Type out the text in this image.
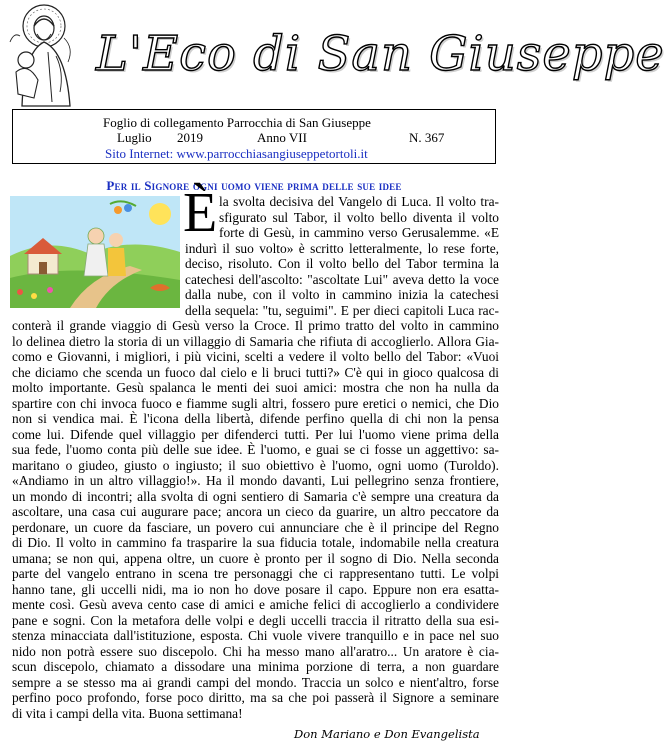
L'Eco di San Giuseppe
Foglio di collegamento Parrocchia di San Giuseppe
Luglio 2019	Anno VII	N. 367
Sito Internet: www.parrocchiasangiuseppetortoli.it
Per il Signore ogni uomo viene prima delle sue idee
È la svolta decisiva del Vangelo di Luca. Il volto tra-
sfigurato sul Tabor, il volto bello diventa il volto
forte di Gesù, in cammino verso Gerusalemme. «E
indurì il suo volto» è scritto letteralmente, lo rese forte,
deciso, risoluto. Con il volto bello del Tabor termina la
catechesi dell'ascolto: "ascoltate Lui" aveva detto la voce
dalla nube, con il volto in cammino inizia la catechesi
della sequela: "tu, seguimi". E per dieci capitoli Luca rac-
conterà il grande viaggio di Gesù verso la Croce. Il primo tratto del volto in cammino
lo delinea dietro la storia di un villaggio di Samaria che rifiuta di accoglierlo. Allora Gia-
como e Giovanni, i migliori, i più vicini, scelti a vedere il volto bello del Tabor: «Vuoi
che diciamo che scenda un fuoco dal cielo e li bruci tutti?» C'è qui in gioco qualcosa di
molto importante. Gesù spalanca le menti dei suoi amici: mostra che non ha nulla da
spartire con chi invoca fuoco e fiamme sugli altri, fossero pure eretici o nemici, che Dio
non si vendica mai. È l'icona della libertà, difende perfino quella di chi non la pensa
come lui. Difende quel villaggio per difenderci tutti. Per lui l'uomo viene prima della
sua fede, l'uomo conta più delle sue idee. È l'uomo, e guai se ci fosse un aggettivo: sa-
maritano o giudeo, giusto o ingiusto; il suo obiettivo è l'uomo, ogni uomo (Turoldo).
«Andiamo in un altro villaggio!». Ha il mondo davanti, Lui pellegrino senza frontiere,
un mondo di incontri; alla svolta di ogni sentiero di Samaria c'è sempre una creatura da
ascoltare, una casa cui augurare pace; ancora un cieco da guarire, un altro peccatore da
perdonare, un cuore da fasciare, un povero cui annunciare che è il principe del Regno
di Dio. Il volto in cammino fa trasparire la sua fiducia totale, indomabile nella creatura
umana; se non qui, appena oltre, un cuore è pronto per il sogno di Dio. Nella seconda
parte del vangelo entrano in scena tre personaggi che ci rappresentano tutti. Le volpi
hanno tane, gli uccelli nidi, ma io non ho dove posare il capo. Eppure non era esatta-
mente così. Gesù aveva cento case di amici e amiche felici di accoglierlo a condividere
pane e sogni. Con la metafora delle volpi e degli uccelli traccia il ritratto della sua esi-
stenza minacciata dall'istituzione, esposta. Chi vuole vivere tranquillo e in pace nel suo
nido non potrà essere suo discepolo. Chi ha messo mano all'aratro... Un aratore è cia-
scun discepolo, chiamato a dissodare una minima porzione di terra, a non guardare
sempre a se stesso ma ai grandi campi del mondo. Traccia un solco e nient'altro, forse
perfino poco profondo, forse poco diritto, ma sa che poi passerà il Signore a seminare
di vita i campi della vita. Buona settimana!
Don Mariano e Don Evangelista
